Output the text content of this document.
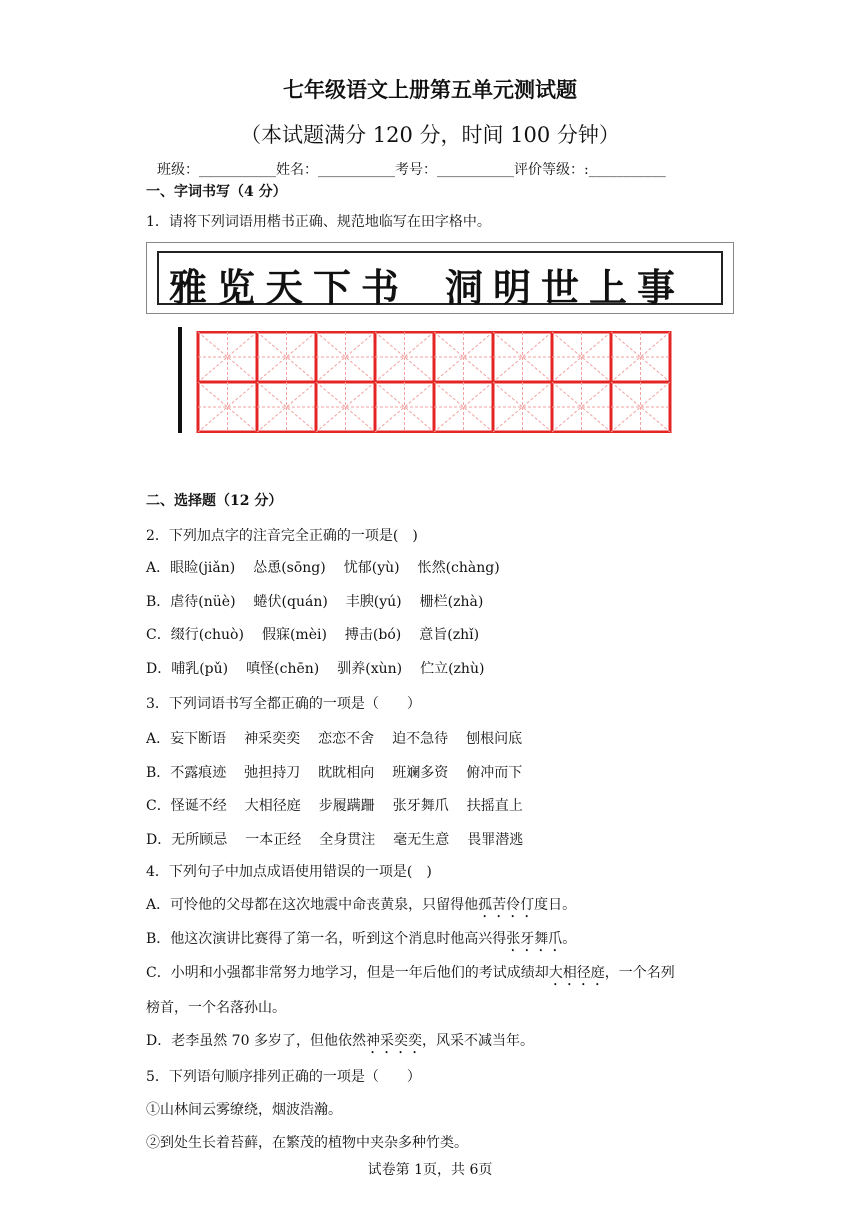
七年级语文上册第五单元测试题
（本试题满分 120 分，时间 100 分钟）
班级：___________姓名：___________考号：___________评价等级：:___________
一、字词书写（4 分）
1．请将下列词语用楷书正确、规范地临写在田字格中。
雅览天下书 洞明世上事
二、选择题（12 分）
2．下列加点字的注音完全正确的一项是(　)
A．眼睑(jiǎn) 怂恿(sōng) 忧郁(yù) 怅然(chàng)
B．虐待(nüè) 蜷伏(quán) 丰腴(yú) 栅栏(zhà)
C．缀行(chuò) 假寐(mèi) 搏击(bó) 意旨(zhǐ)
D．哺乳(pǔ) 嗔怪(chēn) 驯养(xùn) 伫立(zhù)
3．下列词语书写全都正确的一项是（　　）
A．妄下断语 神采奕奕 恋恋不舍 迫不急待 刨根问底
B．不露痕迹 弛担持刀 眈眈相向 班斓多资 俯冲而下
C．怪诞不经 大相径庭 步履蹒跚 张牙舞爪 扶摇直上
D．无所顾忌 一本正经 全身贯注 毫无生意 畏罪潜逃
4．下列句子中加点成语使用错误的一项是(　)
A．可怜他的父母都在这次地震中命丧黄泉，只留得他孤苦伶仃度日。
B．他这次演讲比赛得了第一名，听到这个消息时他高兴得张牙舞爪。
C．小明和小强都非常努力地学习，但是一年后他们的考试成绩却大相径庭，一个名列
榜首，一个名落孙山。
D．老李虽然 70 多岁了，但他依然神采奕奕，风采不减当年。
5．下列语句顺序排列正确的一项是（　　）
①山林间云雾缭绕，烟波浩瀚。
②到处生长着苔藓，在繁茂的植物中夹杂多种竹类。
试卷第 1页，共 6页
